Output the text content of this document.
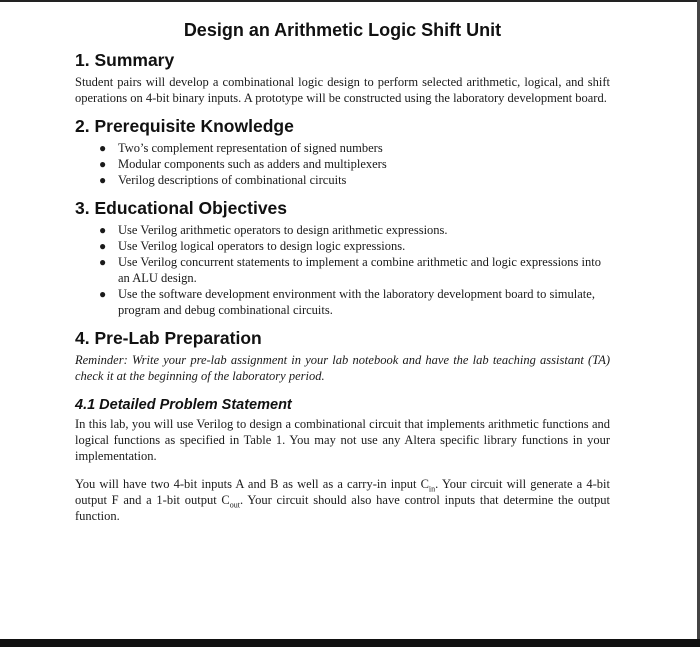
Design an Arithmetic Logic Shift Unit
1. Summary

Student pairs will develop a combinational logic design to perform selected arithmetic, logical, and shift operations on 4-bit binary inputs. A prototype will be constructed using the laboratory development board.

2. Prerequisite Knowledge
● Two’s complement representation of signed numbers
● Modular components such as adders and multiplexers
● Verilog descriptions of combinational circuits
3. Educational Objectives
● Use Verilog arithmetic operators to design arithmetic expressions.
● Use Verilog logical operators to design logic expressions.
● Use Verilog concurrent statements to implement a combine arithmetic and logic expressions into an ALU design.
● Use the software development environment with the laboratory development board to simulate, program and debug combinational circuits.
4. Pre-Lab Preparation

Reminder: Write your pre-lab assignment in your lab notebook and have the lab teaching assistant (TA) check it at the beginning of the laboratory period.

4.1 Detailed Problem Statement

In this lab, you will use Verilog to design a combinational circuit that implements arithmetic functions and logical functions as specified in Table 1. You may not use any Altera specific library functions in your implementation.

You will have two 4-bit inputs A and B as well as a carry-in input $C_{in}$. Your circuit will generate a 4-bit output F and a 1-bit output $C_{out}$. Your circuit should also have control inputs that determine the output function.
